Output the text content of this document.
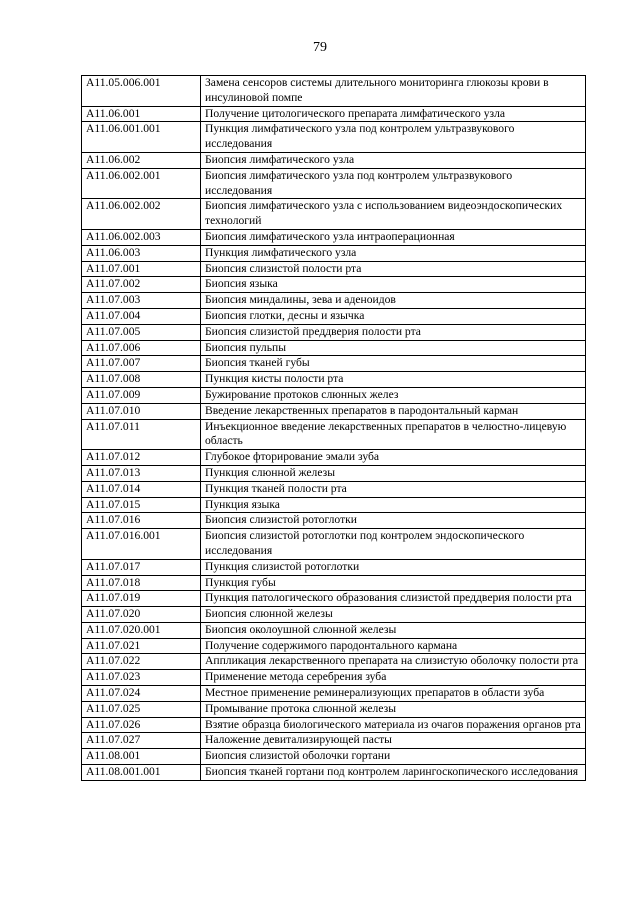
79
A11.05.006.001	Замена сенсоров системы длительного мониторинга глюкозы крови в инсулиновой помпе
A11.06.001	Получение цитологического препарата лимфатического узла
A11.06.001.001	Пункция лимфатического узла под контролем ультразвукового исследования
A11.06.002	Биопсия лимфатического узла
A11.06.002.001	Биопсия лимфатического узла под контролем ультразвукового исследования
A11.06.002.002	Биопсия лимфатического узла с использованием видеоэндоскопических технологий
A11.06.002.003	Биопсия лимфатического узла интраоперационная
A11.06.003	Пункция лимфатического узла
A11.07.001	Биопсия слизистой полости рта
A11.07.002	Биопсия языка
A11.07.003	Биопсия миндалины, зева и аденоидов
A11.07.004	Биопсия глотки, десны и язычка
A11.07.005	Биопсия слизистой преддверия полости рта
A11.07.006	Биопсия пульпы
A11.07.007	Биопсия тканей губы
A11.07.008	Пункция кисты полости рта
A11.07.009	Бужирование протоков слюнных желез
A11.07.010	Введение лекарственных препаратов в пародонтальный карман
A11.07.011	Инъекционное введение лекарственных препаратов в челюстно-лицевую область
A11.07.012	Глубокое фторирование эмали зуба
A11.07.013	Пункция слюнной железы
A11.07.014	Пункция тканей полости рта
A11.07.015	Пункция языка
A11.07.016	Биопсия слизистой ротоглотки
A11.07.016.001	Биопсия слизистой ротоглотки под контролем эндоскопического исследования
A11.07.017	Пункция слизистой ротоглотки
A11.07.018	Пункция губы
A11.07.019	Пункция патологического образования слизистой преддверия полости рта
A11.07.020	Биопсия слюнной железы
A11.07.020.001	Биопсия околоушной слюнной железы
A11.07.021	Получение содержимого пародонтального кармана
A11.07.022	Аппликация лекарственного препарата на слизистую оболочку полости рта
A11.07.023	Применение метода серебрения зуба
A11.07.024	Местное применение реминерализующих препаратов в области зуба
A11.07.025	Промывание протока слюнной железы
A11.07.026	Взятие образца биологического материала из очагов поражения органов рта
A11.07.027	Наложение девитализирующей пасты
A11.08.001	Биопсия слизистой оболочки гортани
A11.08.001.001	Биопсия тканей гортани под контролем ларингоскопического исследования
